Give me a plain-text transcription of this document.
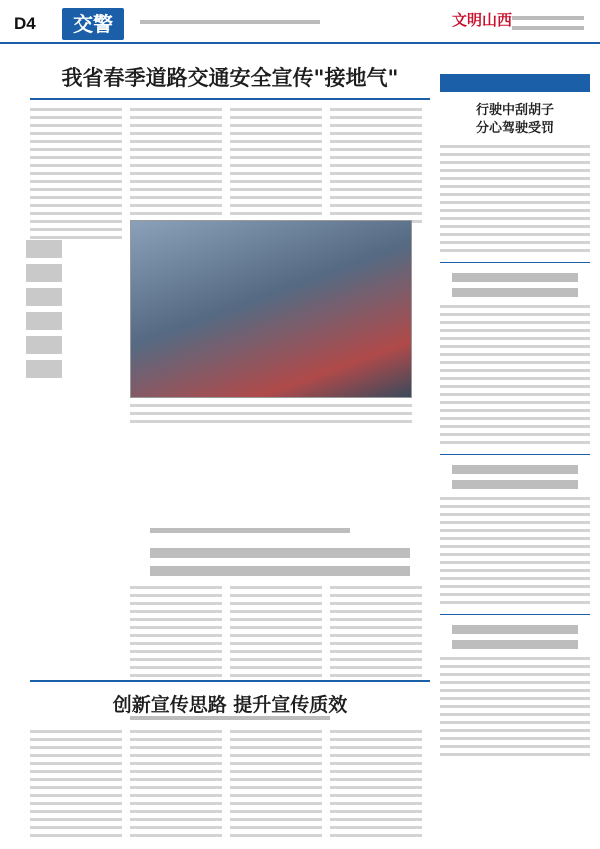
D4	交警	文明山西
我省春季道路交通安全宣传"接地气"
行驶中刮胡子
分心驾驶受罚
创新宣传思路 提升宣传质效
